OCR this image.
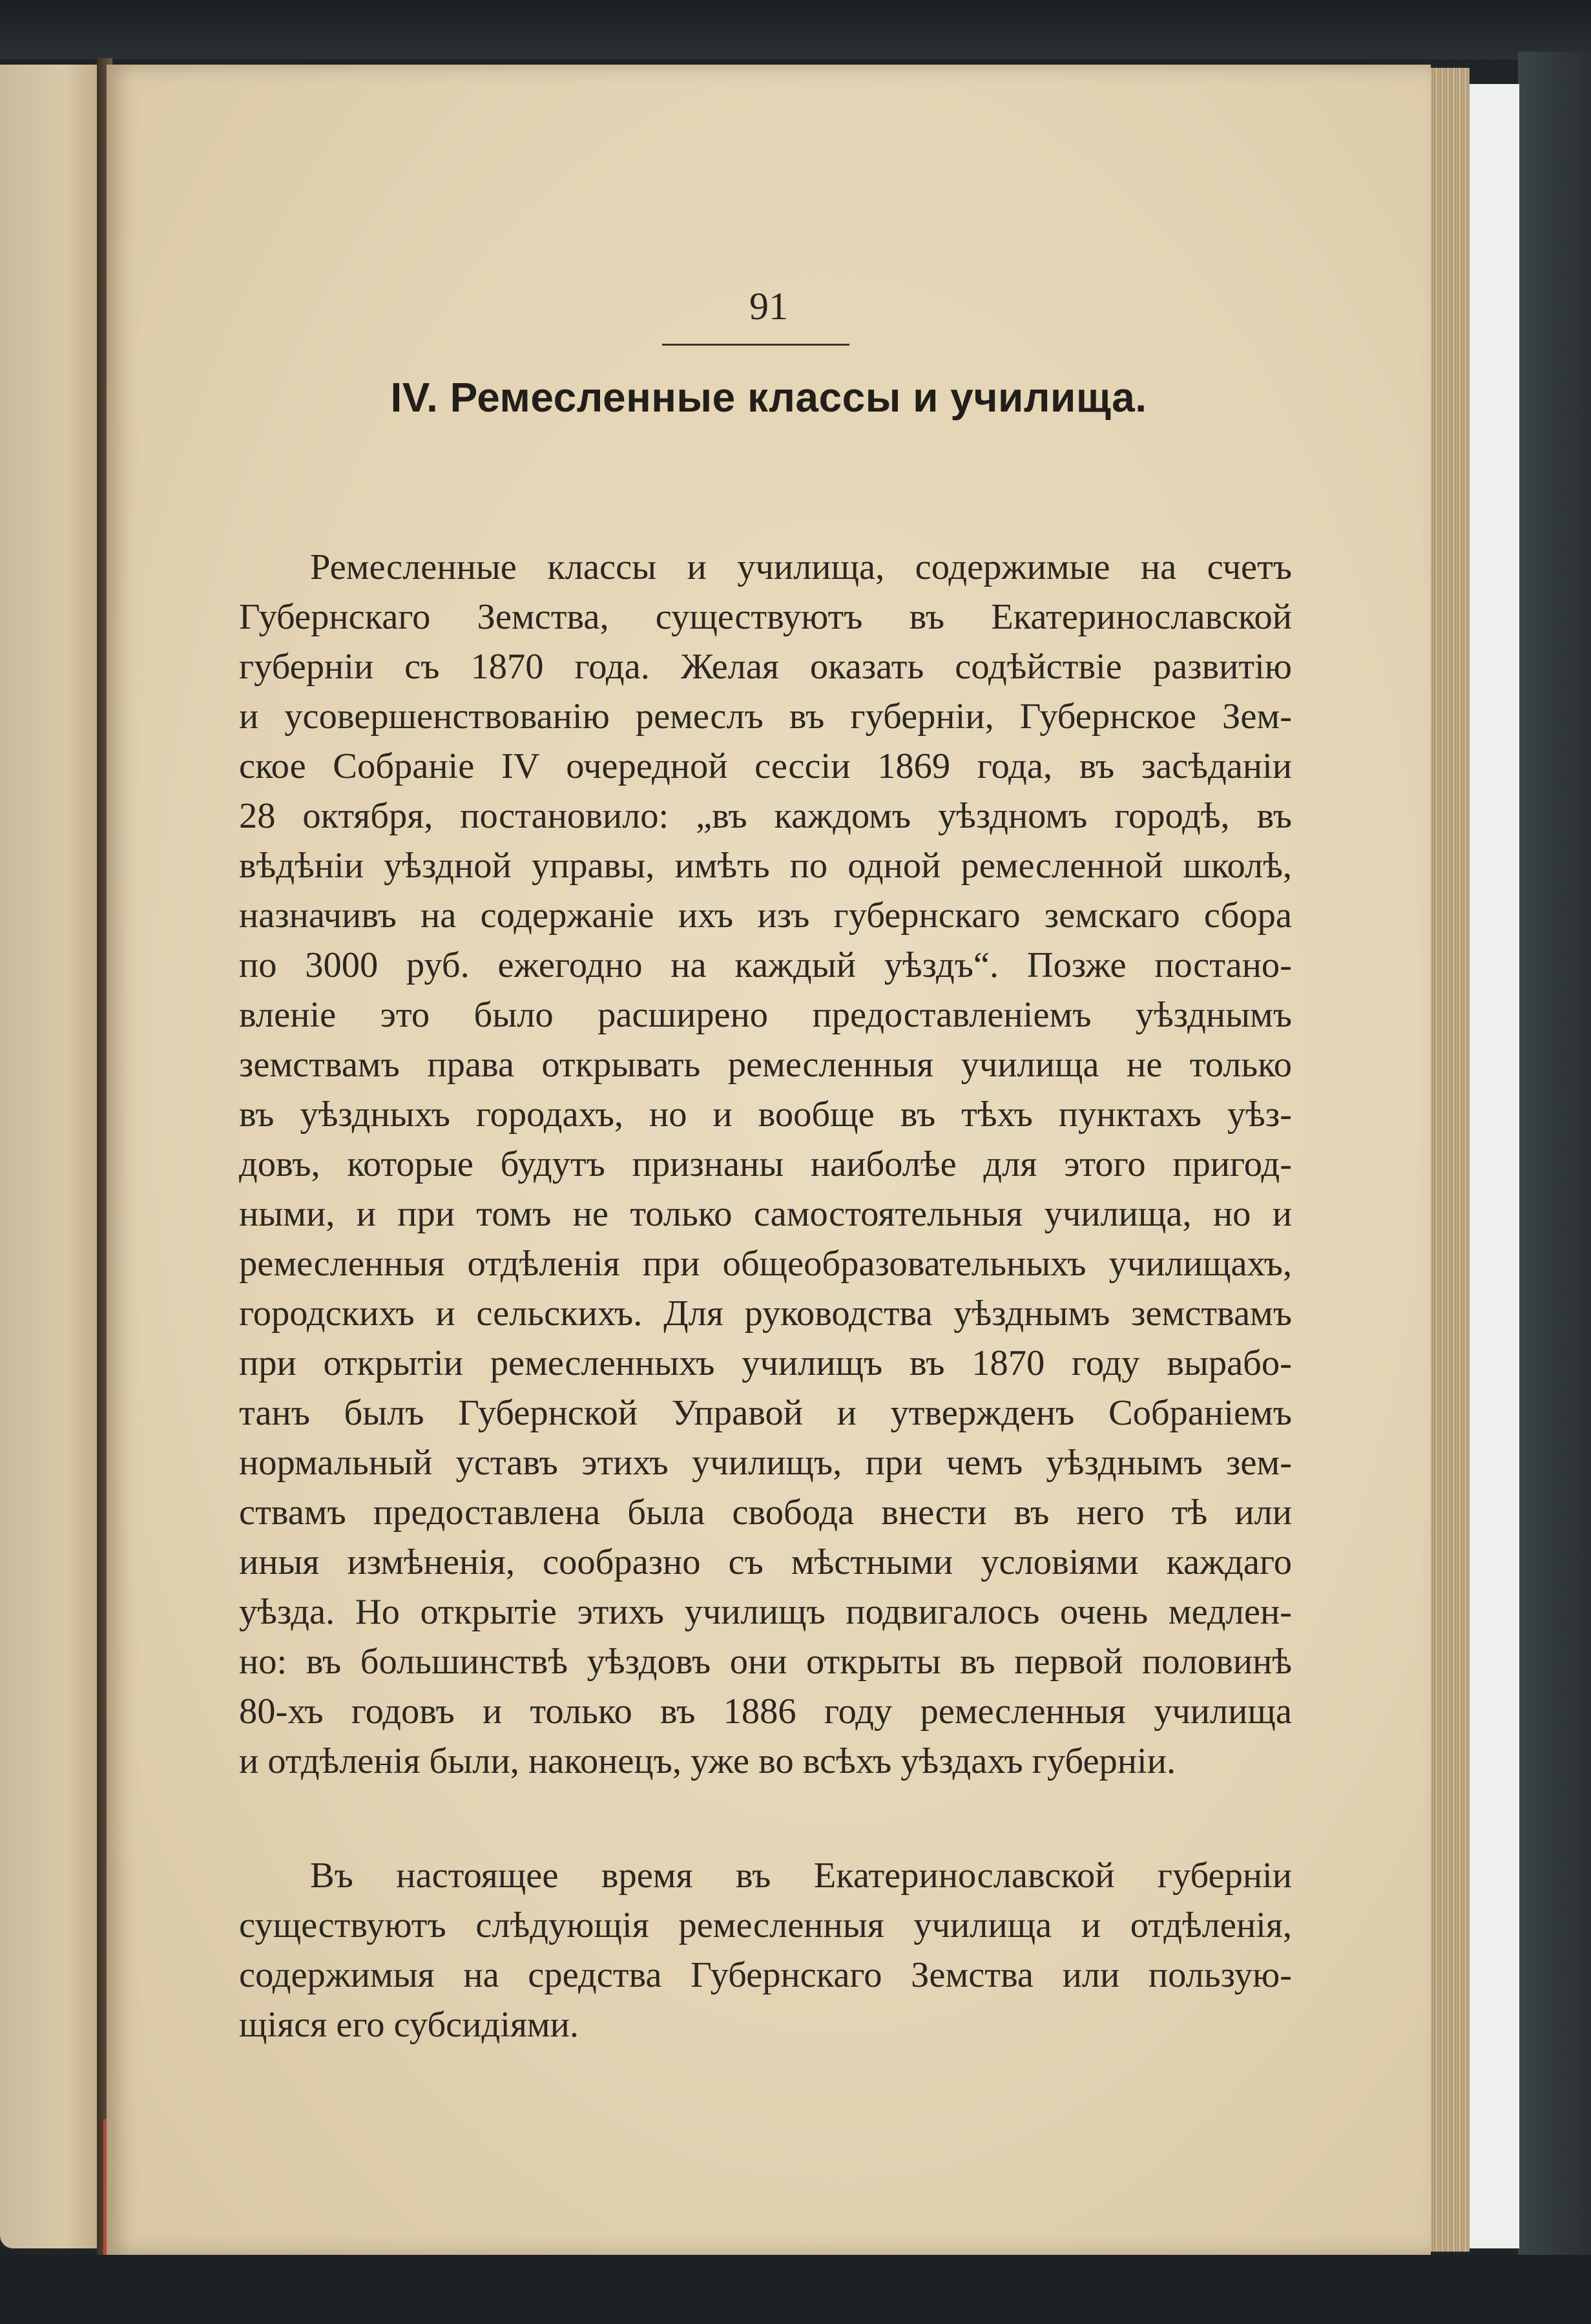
91
IV. Ремесленные классы и училища.
Ремесленные классы и училища, содержимые на счетъ
Губернскаго Земства, существуютъ въ Екатеринославской
губерніи съ 1870 года. Желая оказать содѣйствіе развитію
и усовершенствованію ремеслъ въ губерніи, Губернское Зем-
ское Собраніе IV очередной сессіи 1869 года, въ засѣданіи
28 октября, постановило: „въ каждомъ уѣздномъ городѣ, въ
вѣдѣніи уѣздной управы, имѣть по одной ремесленной школѣ,
назначивъ на содержаніе ихъ изъ губернскаго земскаго сбора
по 3000 руб. ежегодно на каждый уѣздъ“. Позже постано-
вленіе это было расширено предоставленіемъ уѣзднымъ
земствамъ права открывать ремесленныя училища не только
въ уѣздныхъ городахъ, но и вообще въ тѣхъ пунктахъ уѣз-
довъ, которые будутъ признаны наиболѣе для этого пригод-
ными, и при томъ не только самостоятельныя училища, но и
ремесленныя отдѣленія при общеобразовательныхъ училищахъ,
городскихъ и сельскихъ. Для руководства уѣзднымъ земствамъ
при открытіи ремесленныхъ училищъ въ 1870 году вырабо-
танъ былъ Губернской Управой и утвержденъ Собраніемъ
нормальный уставъ этихъ училищъ, при чемъ уѣзднымъ зем-
ствамъ предоставлена была свобода внести въ него тѣ или
иныя измѣненія, сообразно съ мѣстными условіями каждаго
уѣзда. Но открытіе этихъ училищъ подвигалось очень медлен-
но: въ большинствѣ уѣздовъ они открыты въ первой половинѣ
80-хъ годовъ и только въ 1886 году ремесленныя училища
и отдѣленія были, наконецъ, уже во всѣхъ уѣздахъ губерніи.
Въ настоящее время въ Екатеринославской губерніи
существуютъ слѣдующія ремесленныя училища и отдѣленія,
содержимыя на средства Губернскаго Земства или пользую-
щіяся его субсидіями.
